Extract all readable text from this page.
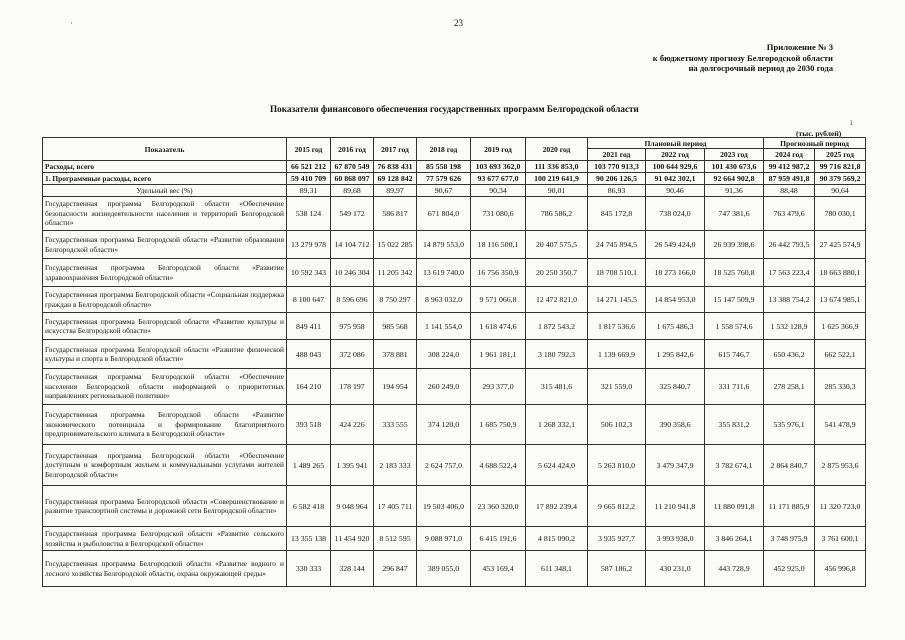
23
Приложение № 3
к бюджетному прогнозу Белгородской области
на долгосрочный период до 2030 года
Показатели финансового обеспечения государственных программ Белгородской области
(тыс. рублей)
Показатель	2015 год	2016 год	2017 год	2018 год	2019 год	2020 год	Плановый период			Прогнозный период	
							2021 год	2022 год	2023 год	2024 год	2025 год
Расходы, всего	66 521 212	67 870 549	76 838 431	85 558 198	103 693 362,0	111 336 853,0	103 770 913,3	100 644 929,6	101 430 673,6	99 412 987,2	99 716 821,8
1. Программные расходы, всего	59 410 709	60 868 097	69 128 842	77 579 626	93 677 677,0	100 219 641,9	90 206 126,5	91 042 302,1	92 664 902,8	87 959 491,8	90 379 569,2
Удельный вес (%)	89,31	89,68	89,97	90,67	90,34	90,01	86,93	90,46	91,36	88,48	90,64
Государственная программа Белгородской области «Обеспечение безопасности жизнедеятельности населения и территорий Белгородской области»	538 124	549 172	586 817	671 804,0	731 080,6	786 586,2	845 172,8	738 024,0	747 381,6	763 479,6	780 030,1
Государственная программа Белгородской области «Развитие образования Белгородской области»	13 279 978	14 104 712	15 022 285	14 879 553,0	18 116 500,1	20 407 575,5	24 745 894,5	26 549 424,0	26 939 398,6	26 442 793,5	27 425 574,9
Государственная программа Белгородской области «Развитие здравоохранения Белгородской области»	10 592 343	10 246 304	11 205 342	13 619 740,0	16 756 350,9	20 250 350,7	18 708 510,1	18 273 166,0	18 525 760,8	17 563 223,4	18 663 880,1
Государственная программа Белгородской области «Социальная поддержка граждан в Белгородской области»	8 100 647	8 596 696	8 750 297	8 963 032,0	9 571 066,8	12 472 821,0	14 271 145,5	14 854 953,0	15 147 509,9	13 388 754,2	13 674 985,1
Государственная программа Белгородской области «Развитие культуры и искусства Белгородской области»	849 411	975 958	985 568	1 141 554,0	1 618 474,6	1 872 543,2	1 817 536,6	1 675 486,3	1 558 574,6	1 532 128,9	1 625 366,9
Государственная программа Белгородской области «Развитие физической культуры и спорта в Белгородской области»	488 043	372 086	378 881	308 224,0	1 961 181,1	3 180 792,3	1 139 669,9	1 295 842,6	615 746,7	650 436,2	662 522,1
Государственная программа Белгородской области «Обеспечение населения Белгородской области информацией о приоритетных направлениях региональной политики»	164 210	178 197	194 954	260 249,0	293 377,0	315 481,6	321 559,0	325 840,7	331 711,6	278 258,1	285 330,3
Государственная программа Белгородской области «Развитие экономического потенциала и формирование благоприятного предпринимательского климата в Белгородской области»	393 518	424 226	333 555	374 120,0	1 685 750,9	1 268 332,1	506 102,3	390 358,6	355 831,2	535 976,1	541 478,9
Государственная программа Белгородской области «Обеспечение доступным и комфортным жильем и коммунальными услугами жителей Белгородской области»	1 489 265	1 395 941	2 183 333	2 624 757,0	4 688 522,4	5 624 424,0	5 263 810,0	3 479 347,9	3 782 674,1	2 864 840,7	2 875 953,6
Государственная программа Белгородской области «Совершенствование и развитие транспортной системы и дорожной сети Белгородской области»	6 582 418	9 048 964	17 405 711	19 503 406,0	23 360 320,0	17 892 239,4	9 665 812,2	11 210 941,8	11 880 091,8	11 171 885,9	11 320 723,0
Государственная программа Белгородской области «Развитие сельского хозяйства и рыболовства в Белгородской области»	13 355 138	11 454 920	8 512 595	9 088 971,0	6 415 191,6	4 815 090,2	3 935 927,7	3 993 938,0	3 846 264,1	3 748 975,9	3 761 600,1
Государственная программа Белгородской области «Развитие водного и лесного хозяйства Белгородской области, охрана окружающей среды»	330 333	328 144	296 847	389 055,0	453 169,4	611 348,1	587 186,2	430 231,0	443 728,9	452 925,0	456 996,8
·
ı
